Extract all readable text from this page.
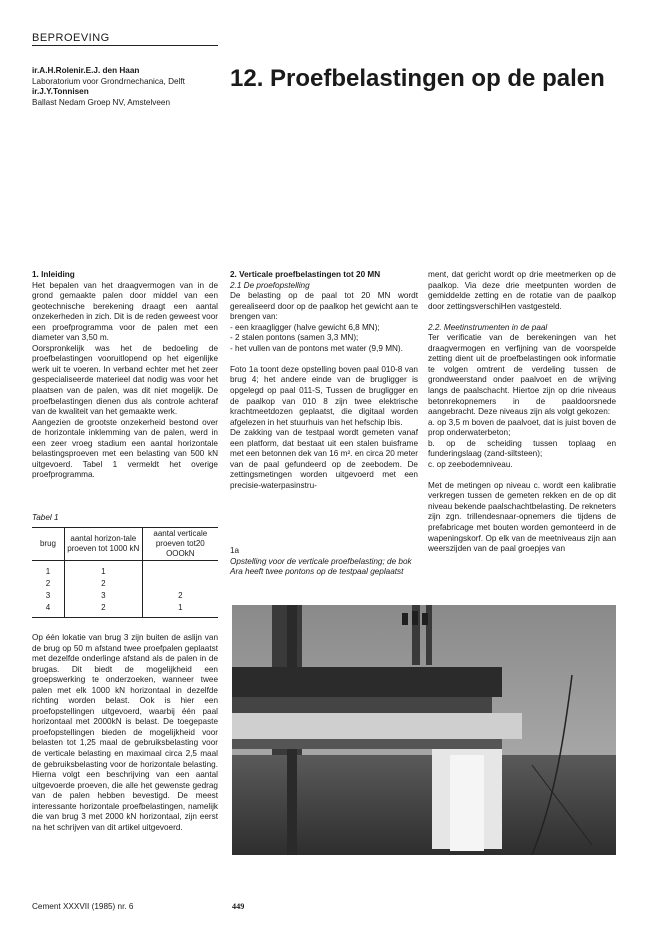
BEPROEVING
ir.A.H.Rolenir.E.J. den Haan
Laboratorium voor Grondrnechanica, Delft
ir.J.Y.Tonnisen
Ballast Nedam Groep NV, Amstelveen
12. Proefbelastingen op de palen
1. Inleiding

Het bepalen van het draagvermogen van in de grond gemaakte palen door middel van een geotechnische berekening draagt een aantal onzekerheden in zich. Dit is de reden geweest voor een proefprogramma voor de palen met een diameter van 3,50 m.

Oorspronkelijk was het de bedoeling de proefbelastingen vooruitlopend op het eigenlijke werk uit te voeren. In verband echter met het zeer gespecialiseerde materieel dat nodig was voor het plaatsen van de palen, was dit niet mogelijk. De proefbelastingen dienen dus als controle achteraf van de kwaliteit van het gemaakte werk.

Aangezien de grootste onzekerheid bestond over de horizontale inklemming van de palen, werd in een zeer vroeg stadium een aantal horizontale belastingsproeven met een belasting van 500 kN uitgevoerd. Tabel 1 vermeldt het overige proefprogramma.

Tabel 1
brug	aantal horizon-tale proeven tot 1000 kN	aantal verticale proeven tot20 OOOkN
1	1	
2	2	
3	3	2
4	2	1

Op één lokatie van brug 3 zijn buiten de aslijn van de brug op 50 m afstand twee proefpalen geplaatst met dezelfde onderlinge afstand als de palen in de brugas. Dit biedt de mogelijkheid een groepswerking te onderzoeken, wanneer twee palen met elk 1000 kN horizontaal in dezelfde richting worden belast. Ook is hier een proefopstellingen uitgevoerd, waarbij één paal horizontaal met 2000kN is belast. De toegepaste proefopstellingen bieden de mogelijkheid voor belasten tot 1,25 maal de gebruiksbelasting voor de verticale belasting en maximaal circa 2,5 maal de gebruiksbelasting voor de horizontale belasting. Hierna volgt een beschrijving van een aantal uitgevoerde proeven, die alle het gewenste gedrag van de palen hebben bevestigd. De meest interessante horizontale proefbelastingen, namelijk die van brug 3 met 2000 kN horizontaal, zijn eerst na het schrijven van dit artikel uitgevoerd.

2. Verticale proefbelastingen tot 20 MN

2.1 De proefopstelling

De belasting op de paal tot 20 MN wordt gerealiseerd door op de paalkop het gewicht aan te brengen van:

- een kraagligger (halve gewicht 6,8 MN);

- 2 stalen pontons (samen 3,3 MN);

- het vullen van de pontons met water (9,9 MN).

Foto 1a toont deze opstelling boven paal 010-8 van brug 4; het andere einde van de brugligger is opgelegd op paal 011-S, Tussen de brugligger en de paalkop van 010 8 zijn twee elektrische krachtmeetdozen geplaatst, die digitaal worden afgelezen in het stuurhuis van het hefschip Ibis.

De zakking van de testpaal wordt gemeten vanaf een platform, dat bestaat uit een stalen buisframe met een betonnen dek van 16 m². en circa 20 meter van de paal gefundeerd op de zeebodem. De zettingsmetingen worden uitgevoerd met een precisie-waterpasinstru-

1a
Opstelling voor de verticale proefbelasting; de bok Ara heeft twee pontons op de testpaal geplaatst

ment, dat gericht wordt op drie meetmerken op de paalkop. Via deze drie meetpunten worden de gemiddelde zetting en de rotatie van de paalkop door zettingsverschiHen vastgesteld.

2.2. Meetinstrumenten in de paal

Ter verificatie van de berekeningen van het draagvermogen en verfijning van de voorspelde zetting dient uit de proefbelastingen ook informatie te volgen omtrent de verdeling tussen de grondweerstand onder paalvoet en de wrijving langs de paalschacht. Hiertoe zijn op drie niveaus betonrekopnemers in de paaldoorsnede aangebracht. Deze niveaus zijn als volgt gekozen:

a. op 3,5 m boven de paalvoet, dat is juist boven de prop onderwaterbeton;

b. op de scheiding tussen toplaag en funderingslaag (zand-siltsteen);

c. op zeebodemniveau.

Met de metingen op niveau c. wordt een kalibratie verkregen tussen de gemeten rekken en de op dit niveau bekende paalschachtbelasting. De rekneters zijn zgn. trillendesnaar-opnemers die tijdens de prefabricage met bouten worden gemonteerd in de wapeningskorf. Op elk van de meetniveaus zijn aan weerszijden van de paal groepjes van

Cement XXXVII (1985) nr. 6	449
